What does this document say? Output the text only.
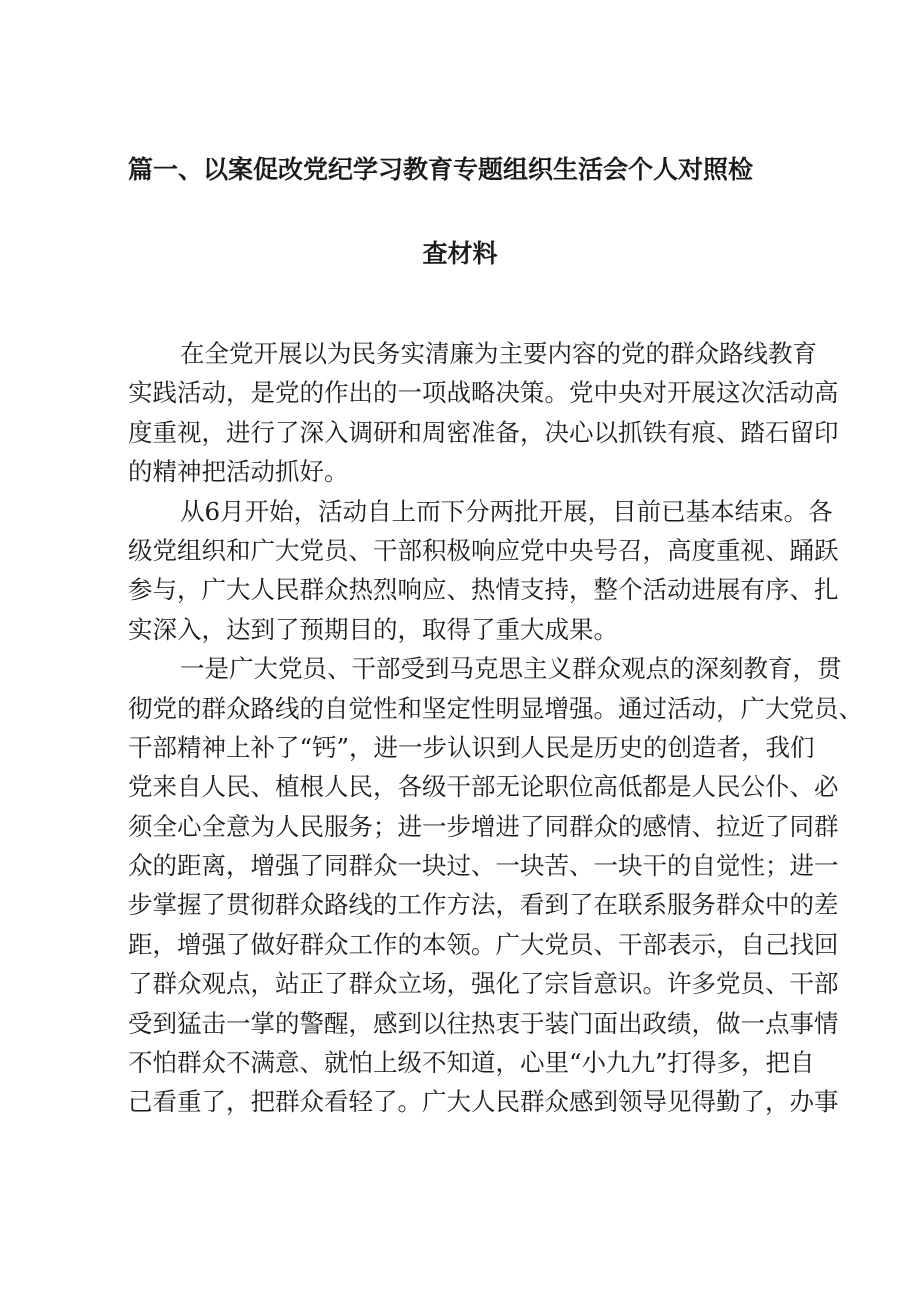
篇一、以案促改党纪学习教育专题组织生活会个人对照检
查材料

在全党开展以为民务实清廉为主要内容的党的群众路线教育
实践活动，是党的作出的一项战略决策。党中央对开展这次活动高
度重视，进行了深入调研和周密准备，决心以抓铁有痕、踏石留印
的精神把活动抓好。

从6月开始，活动自上而下分两批开展，目前已基本结束。各
级党组织和广大党员、干部积极响应党中央号召，高度重视、踊跃
参与，广大人民群众热烈响应、热情支持，整个活动进展有序、扎
实深入，达到了预期目的，取得了重大成果。

一是广大党员、干部受到马克思主义群众观点的深刻教育，贯
彻党的群众路线的自觉性和坚定性明显增强。通过活动，广大党员、
干部精神上补了“钙”，进一步认识到人民是历史的创造者，我们
党来自人民、植根人民，各级干部无论职位高低都是人民公仆、必
须全心全意为人民服务；进一步增进了同群众的感情、拉近了同群
众的距离，增强了同群众一块过、一块苦、一块干的自觉性；进一
步掌握了贯彻群众路线的工作方法，看到了在联系服务群众中的差
距，增强了做好群众工作的本领。广大党员、干部表示，自己找回
了群众观点，站正了群众立场，强化了宗旨意识。许多党员、干部
受到猛击一掌的警醒，感到以往热衷于装门面出政绩，做一点事情
不怕群众不满意、就怕上级不知道，心里“小九九”打得多，把自
己看重了，把群众看轻了。广大人民群众感到领导见得勤了，办事
